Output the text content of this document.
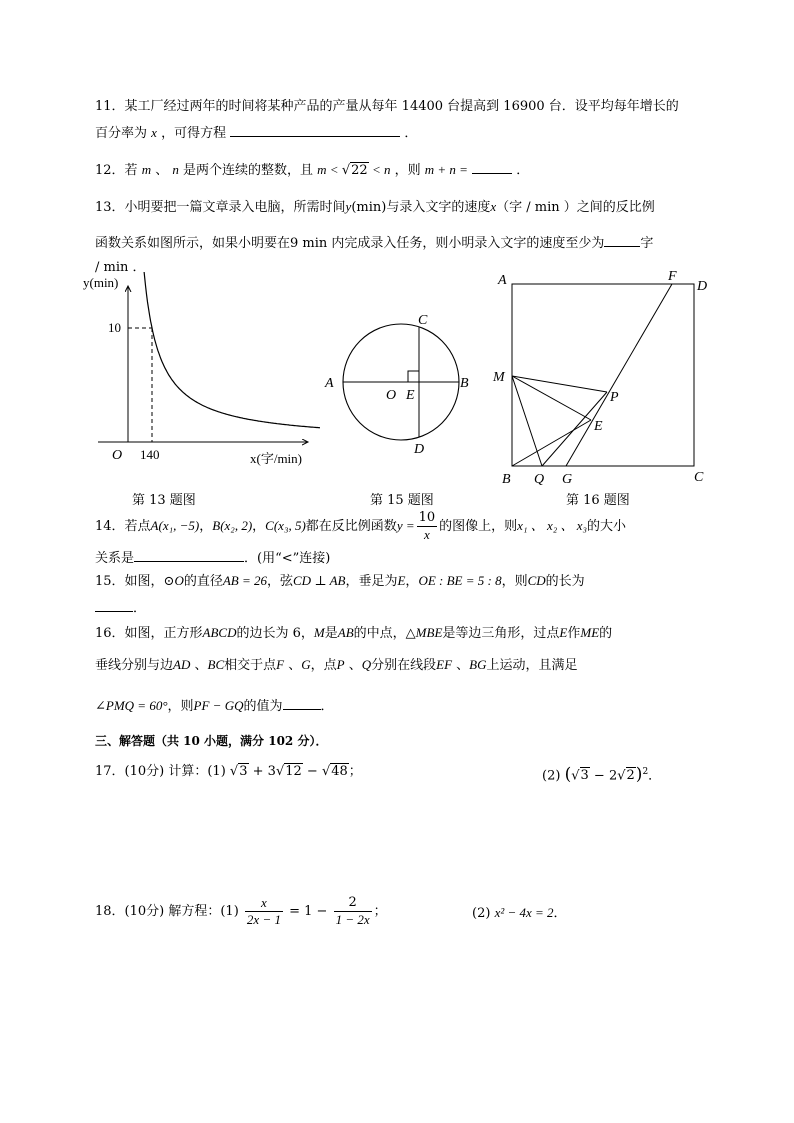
11．某工厂经过两年的时间将某种产品的产量从每年 14400 台提高到 16900 台．设平均每年增长的
百分率为 x ，可得方程	．
12．若 m 、 n 是两个连续的整数，且 m < √22 < n ，则 m + n =	．
13．小明要把一篇文章录入电脑，所需时间y(min)与录入文字的速度x（字 / min ）之间的反比例
函数关系如图所示，如果小明要在9 min 内完成录入任务，则小明录入文字的速度至少为	字
/ min ．
y(min)
10
O 140	x(字/min)
A	B
C
D
O E
A	D
F
M
P
E
B Q G	C
第 13 题图	第 15 题图	第 16 题图
14．若点A(x₁, −5)，B(x₂, 2)，C(x₃, 5)都在反比例函数$y = \frac{10}{x}$ 的图像上，则x₁ 、 x₂ 、 x₃的大小
关系是	．(用“<”连接)
15．如图，⊙O的直径AB = 26，弦CD ⊥ AB，垂足为E，OE : BE = 5 : 8，则CD的长为
．
16．如图，正方形ABCD的边长为 6，M是AB的中点，△MBE是等边三角形，过点E作ME的
垂线分别与边AD 、BC相交于点F 、G，点P 、Q分别在线段EF 、BG上运动，且满足
∠PMQ = 60°，则PF − GQ的值为	．
三、解答题（共 10 小题，满分 102 分）．
17．(10分) 计算：(1) √3 + 3√12 − √48；	(2) $(√3 - 2√2)^2$．
18．(10分) 解方程：$(1) \frac{x}{2x - 1} = 1 - \frac{2}{1 - 2x}$ ；	(2) x² − 4x = 2．
